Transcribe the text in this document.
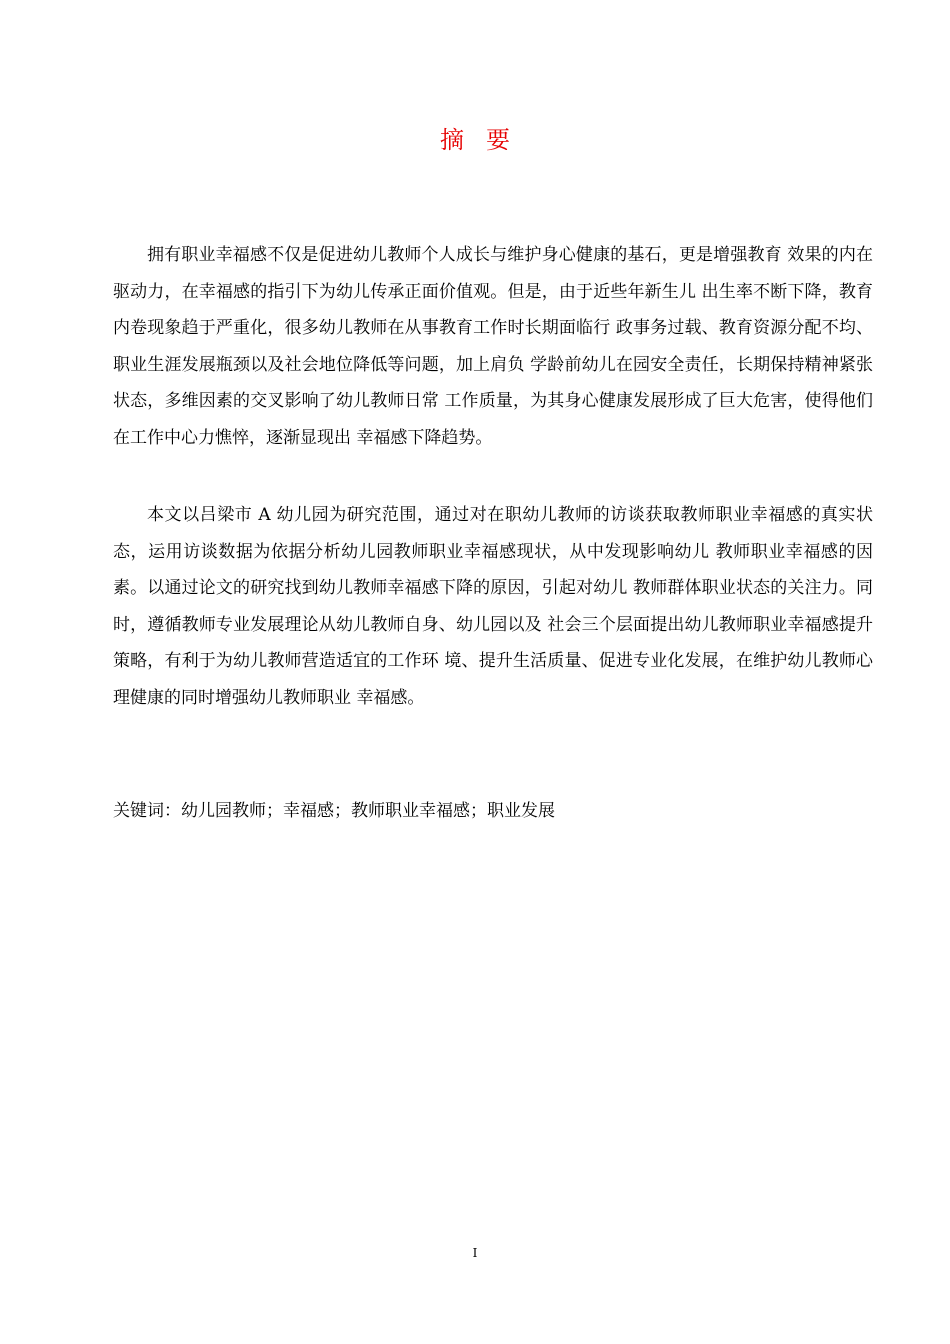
摘要

拥有职业幸福感不仅是促进幼儿教师个人成长与维护身心健康的基石，更是增强教育 效果的内在驱动力，在幸福感的指引下为幼儿传承正面价值观。但是，由于近些年新生儿 出生率不断下降，教育内卷现象趋于严重化，很多幼儿教师在从事教育工作时长期面临行 政事务过载、教育资源分配不均、职业生涯发展瓶颈以及社会地位降低等问题，加上肩负 学龄前幼儿在园安全责任，长期保持精神紧张状态，多维因素的交叉影响了幼儿教师日常 工作质量，为其身心健康发展形成了巨大危害，使得他们在工作中心力憔悴，逐渐显现出 幸福感下降趋势。

本文以吕梁市 A 幼儿园为研究范围，通过对在职幼儿教师的访谈获取教师职业幸福感的真实状态，运用访谈数据为依据分析幼儿园教师职业幸福感现状，从中发现影响幼儿 教师职业幸福感的因素。以通过论文的研究找到幼儿教师幸福感下降的原因，引起对幼儿 教师群体职业状态的关注力。同时，遵循教师专业发展理论从幼儿教师自身、幼儿园以及 社会三个层面提出幼儿教师职业幸福感提升策略，有利于为幼儿教师营造适宜的工作环 境、提升生活质量、促进专业化发展，在维护幼儿教师心理健康的同时增强幼儿教师职业 幸福感。

关键词：幼儿园教师；幸福感；教师职业幸福感；职业发展
I
